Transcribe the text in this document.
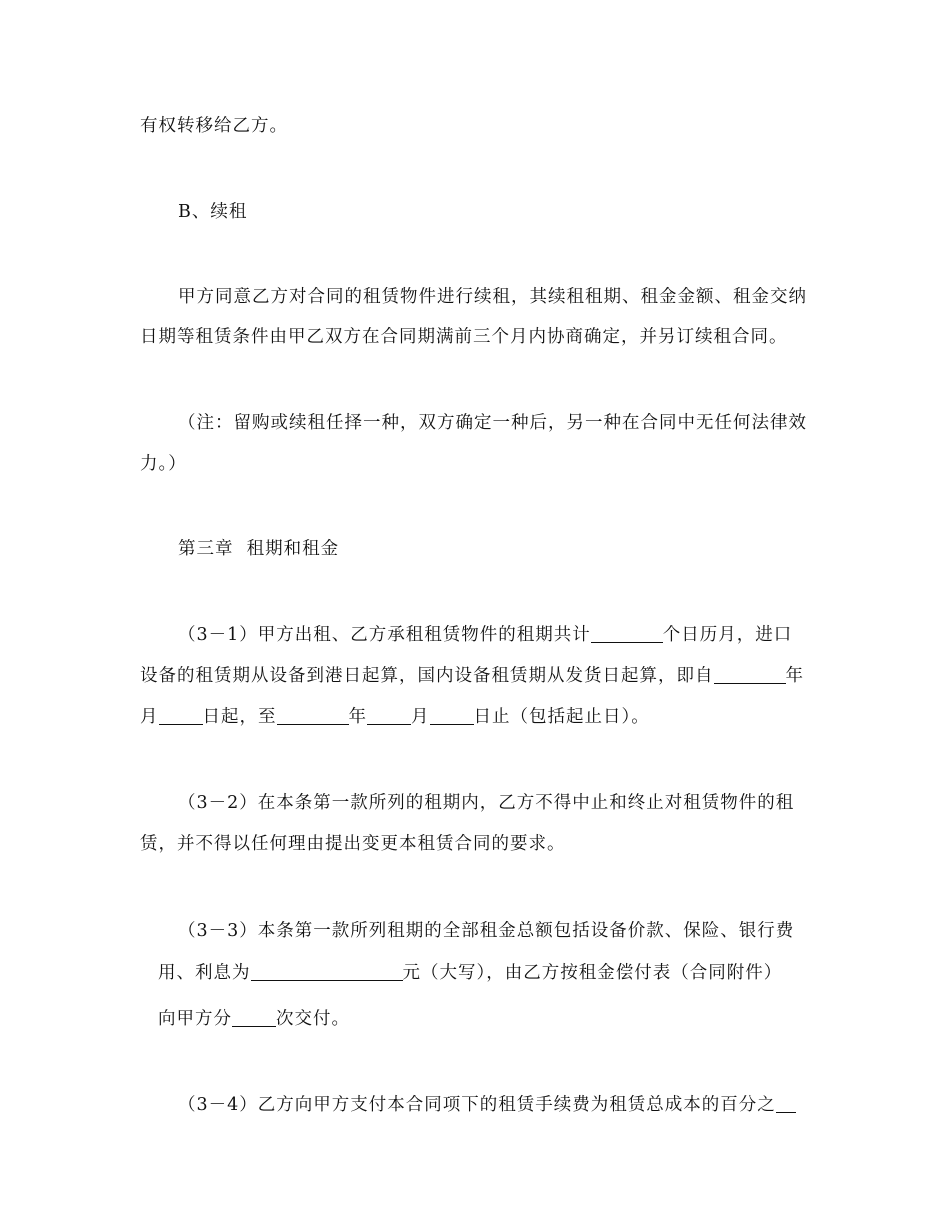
有权转移给乙方。
B、续租
甲方同意乙方对合同的租赁物件进行续租，其续租租期、租金金额、租金交纳
日期等租赁条件由甲乙双方在合同期满前三个月内协商确定，并另订续租合同。
（注：留购或续租任择一种，双方确定一种后，另一种在合同中无任何法律效
力。）
第三章  租期和租金
（3－1）甲方出租、乙方承租租赁物件的租期共计	个日历月，进口
设备的租赁期从设备到港日起算，国内设备租赁期从发货日起算，即自	年
月	日起，至	年	月	日止（包括起止日）。
（3－2）在本条第一款所列的租期内，乙方不得中止和终止对租赁物件的租
赁，并不得以任何理由提出变更本租赁合同的要求。
（3－3）本条第一款所列租期的全部租金总额包括设备价款、保险、银行费
用、利息为	元（大写），由乙方按租金偿付表（合同附件）
向甲方分	次交付。
（3－4）乙方向甲方支付本合同项下的租赁手续费为租赁总成本的百分之
